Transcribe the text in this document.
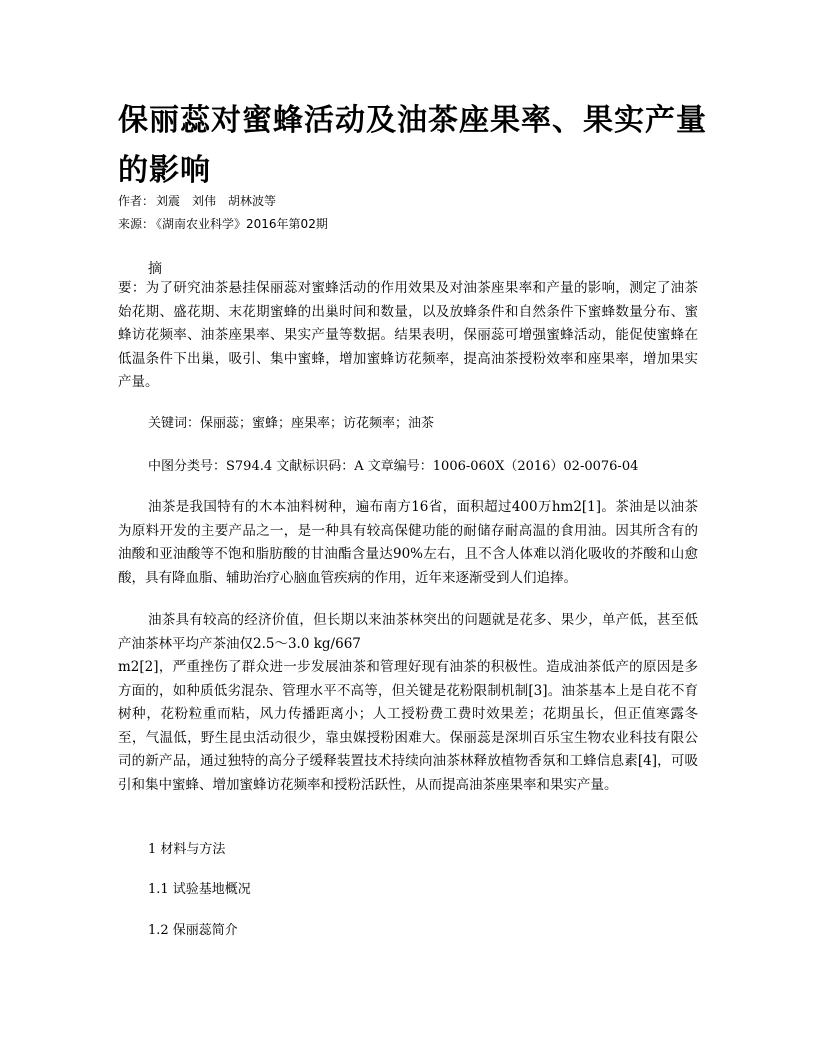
保丽蕊对蜜蜂活动及油茶座果率、果实产量的影响
作者： 刘震　刘伟　胡林波等
来源： 《湖南农业科学》2016年第02期
摘

要：为了研究油茶悬挂保丽蕊对蜜蜂活动的作用效果及对油茶座果率和产量的影响，测定了油茶始花期、盛花期、末花期蜜蜂的出巢时间和数量，以及放蜂条件和自然条件下蜜蜂数量分布、蜜蜂访花频率、油茶座果率、果实产量等数据。结果表明，保丽蕊可增强蜜蜂活动，能促使蜜蜂在低温条件下出巢，吸引、集中蜜蜂，增加蜜蜂访花频率，提高油茶授粉效率和座果率，增加果实产量。

关键词：保丽蕊；蜜蜂；座果率；访花频率；油茶
中图分类号：S794.4 文献标识码：A 文章编号：1006-060X（2016）02-0076-04

油茶是我国特有的木本油料树种，遍布南方16省，面积超过400万hm2[1]。茶油是以油茶为原料开发的主要产品之一，是一种具有较高保健功能的耐储存耐高温的食用油。因其所含有的油酸和亚油酸等不饱和脂肪酸的甘油酯含量达90%左右，且不含人体难以消化吸收的芥酸和山愈酸，具有降血脂、辅助治疗心脑血管疾病的作用，近年来逐渐受到人们追捧。

油茶具有较高的经济价值，但长期以来油茶林突出的问题就是花多、果少，单产低，甚至低产油茶林平均产茶油仅2.5～3.0 kg/667

m2[2]，严重挫伤了群众进一步发展油茶和管理好现有油茶的积极性。造成油茶低产的原因是多方面的，如种质低劣混杂、管理水平不高等，但关键是花粉限制机制[3]。油茶基本上是自花不育树种，花粉粒重而粘，风力传播距离小；人工授粉费工费时效果差；花期虽长，但正值寒露冬至，气温低，野生昆虫活动很少，靠虫媒授粉困难大。保丽蕊是深圳百乐宝生物农业科技有限公司的新产品，通过独特的高分子缓释装置技术持续向油茶林释放植物香氛和工蜂信息素[4]，可吸引和集中蜜蜂、增加蜜蜂访花频率和授粉活跃性，从而提高油茶座果率和果实产量。

1 材料与方法
1.1 试验基地概况
1.2 保丽蕊简介
